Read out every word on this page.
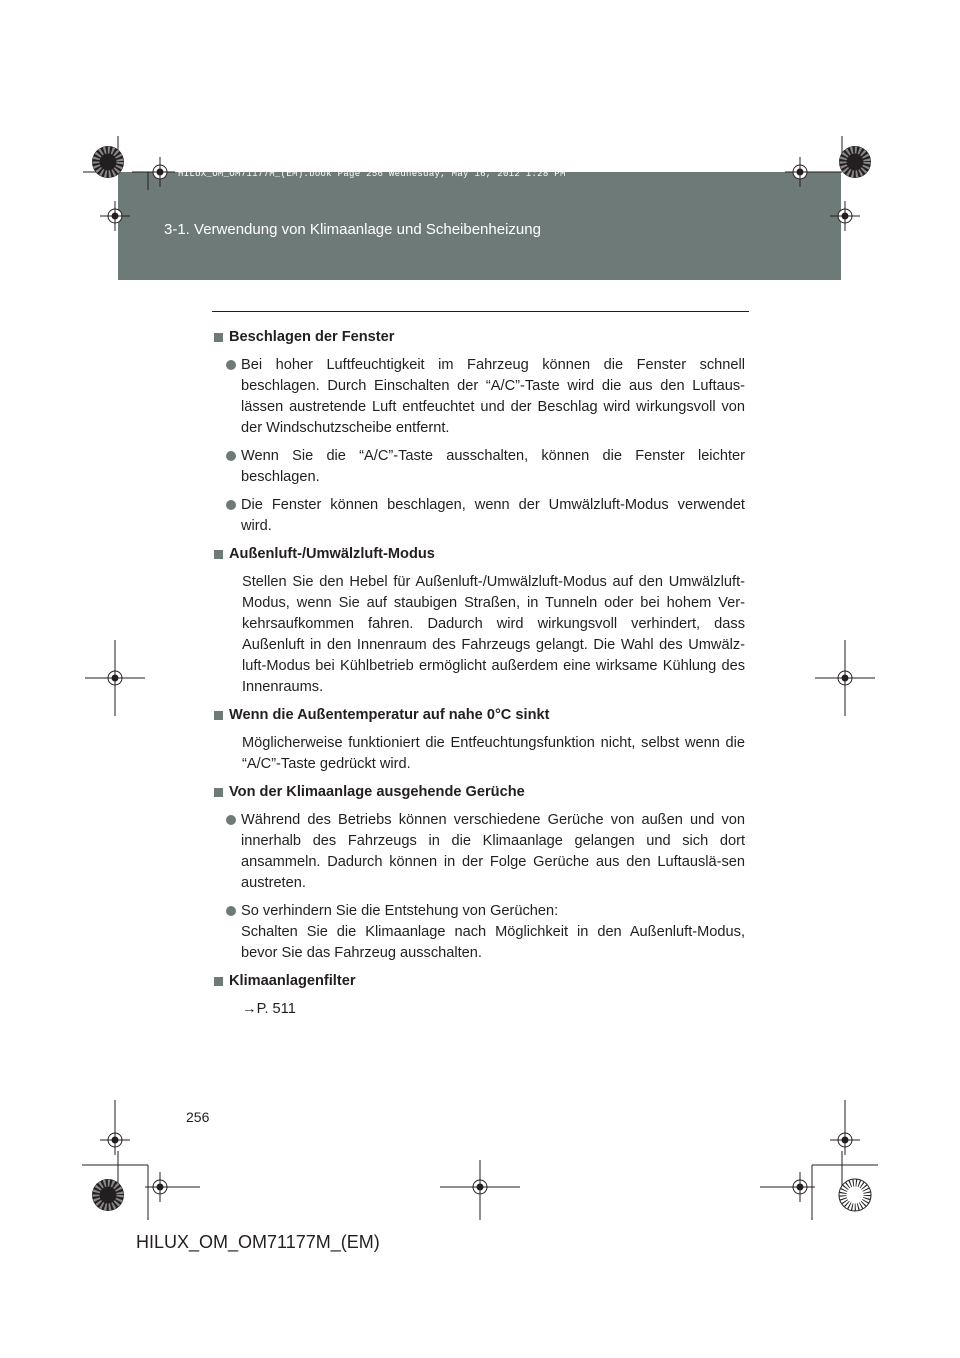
HILUX_OM_OM71177M_(EM).book Page 256 Wednesday, May 16, 2012 1:28 PM
3-1. Verwendung von Klimaanlage und Scheibenheizung
Beschlagen der Fenster
Bei hoher Luftfeuchtigkeit im Fahrzeug können die Fenster schnell beschlagen. Durch Einschalten der “A/C”-Taste wird die aus den Luftaus-lässen austretende Luft entfeuchtet und der Beschlag wird wirkungsvoll von der Windschutzscheibe entfernt.
Wenn Sie die “A/C”-Taste ausschalten, können die Fenster leichter beschlagen.
Die Fenster können beschlagen, wenn der Umwälzluft-Modus verwendet wird.
Außenluft-/Umwälzluft-Modus
Stellen Sie den Hebel für Außenluft-/Umwälzluft-Modus auf den Umwälzluft-Modus, wenn Sie auf staubigen Straßen, in Tunneln oder bei hohem Ver-kehrsaufkommen fahren. Dadurch wird wirkungsvoll verhindert, dass Außenluft in den Innenraum des Fahrzeugs gelangt. Die Wahl des Umwälz-luft-Modus bei Kühlbetrieb ermöglicht außerdem eine wirksame Kühlung des Innenraums.
Wenn die Außentemperatur auf nahe 0°C sinkt
Möglicherweise funktioniert die Entfeuchtungsfunktion nicht, selbst wenn die “A/C”-Taste gedrückt wird.
Von der Klimaanlage ausgehende Gerüche
Während des Betriebs können verschiedene Gerüche von außen und von innerhalb des Fahrzeugs in die Klimaanlage gelangen und sich dort ansammeln. Dadurch können in der Folge Gerüche aus den Luftauslä-sen austreten.
So verhindern Sie die Entstehung von Gerüchen:
Schalten Sie die Klimaanlage nach Möglichkeit in den Außenluft-Modus, bevor Sie das Fahrzeug ausschalten.
Klimaanlagenfilter
→P. 511
256
HILUX_OM_OM71177M_(EM)
